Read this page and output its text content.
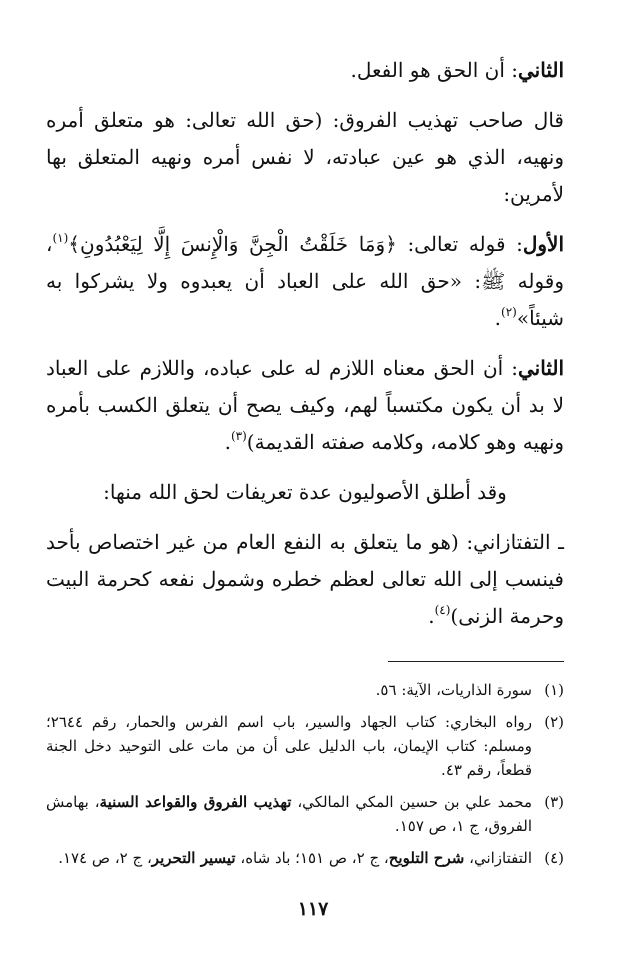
الثاني: أن الحق هو الفعل.

قال صاحب تهذيب الفروق: (حق الله تعالى: هو متعلق أمره ونهيه، الذي هو عين عبادته، لا نفس أمره ونهيه المتعلق بها لأمرين:

الأول: قوله تعالى: ﴿وَمَا خَلَقْتُ الْجِنَّ وَالْإِنسَ إِلَّا لِيَعْبُدُونِ﴾$^{(١)}$، وقوله ﷺ: «حق الله على العباد أن يعبدوه ولا يشركوا به شيئاً»$^{(٢)}$.

الثاني: أن الحق معناه اللازم له على عباده، واللازم على العباد لا بد أن يكون مكتسباً لهم، وكيف يصح أن يتعلق الكسب بأمره ونهيه وهو كلامه، وكلامه صفته القديمة)$^{(٣)}$.

وقد أطلق الأصوليون عدة تعريفات لحق الله منها:

ـ التفتازاني: (هو ما يتعلق به النفع العام من غير اختصاص بأحد فينسب إلى الله تعالى لعظم خطره وشمول نفعه كحرمة البيت وحرمة الزنى)$^{(٤)}$.

(١)
سورة الذاريات، الآية: ٥٦.
(٢)
رواه البخاري: كتاب الجهاد والسير، باب اسم الفرس والحمار، رقم ٢٦٤٤؛ ومسلم: كتاب الإيمان، باب الدليل على أن من مات على التوحيد دخل الجنة قطعاً، رقم ٤٣.
(٣)
محمد علي بن حسين المكي المالكي، تهذيب الفروق والقواعد السنية، بهامش الفروق، ج ١، ص ١٥٧.
(٤)
التفتازاني، شرح التلويح، ج ٢، ص ١٥١؛ باد شاه، تيسير التحرير، ج ٢، ص ١٧٤.
١١٧
